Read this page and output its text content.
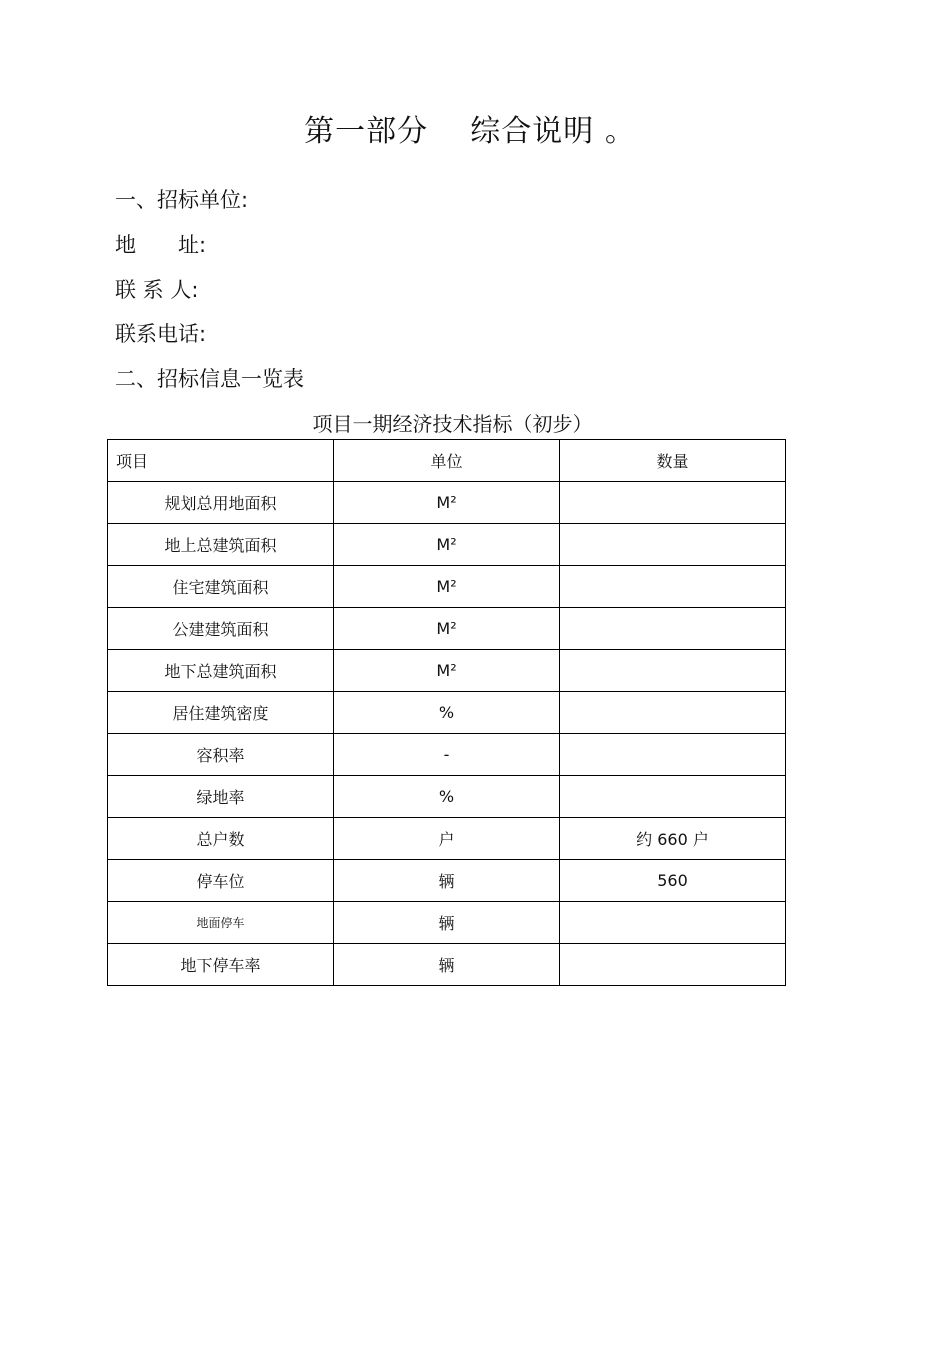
第一部分    综合说明 。
一、招标单位:
地　　址:
联 系 人:
联系电话:
二、招标信息一览表
项目一期经济技术指标（初步）
项目	单位	数量
规划总用地面积	M²	
地上总建筑面积	M²	
住宅建筑面积	M²	
公建建筑面积	M²	
地下总建筑面积	M²	
居住建筑密度	%	
容积率	-	
绿地率	%	
总户数	户	约 660 户
停车位	辆	560
地面停车	辆	
地下停车率	辆	
